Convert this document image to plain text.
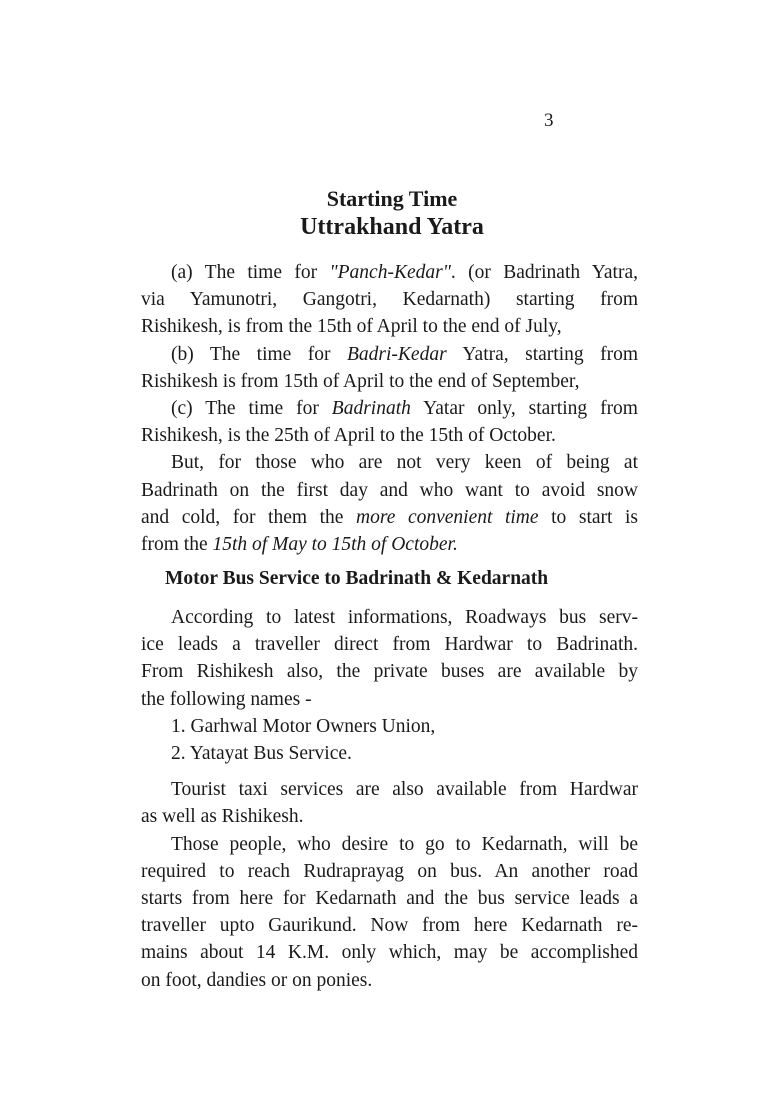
3
Starting Time
Uttrakhand Yatra
(a) The time for "Panch-Kedar". (or Badrinath Yatra,
via Yamunotri, Gangotri, Kedarnath) starting from
Rishikesh, is from the 15th of April to the end of July,
(b) The time for Badri-Kedar Yatra, starting from
Rishikesh is from 15th of April to the end of September,
(c) The time for Badrinath Yatar only, starting from
Rishikesh, is the 25th of April to the 15th of October.
But, for those who are not very keen of being at
Badrinath on the first day and who want to avoid snow
and cold, for them the more convenient time to start is
from the 15th of May to 15th of October.
Motor Bus Service to Badrinath & Kedarnath
According to latest informations, Roadways bus serv-
ice leads a traveller direct from Hardwar to Badrinath.
From Rishikesh also, the private buses are available by
the following names -
1. Garhwal Motor Owners Union,
2. Yatayat Bus Service.
Tourist taxi services are also available from Hardwar
as well as Rishikesh.
Those people, who desire to go to Kedarnath, will be
required to reach Rudraprayag on bus. An another road
starts from here for Kedarnath and the bus service leads a
traveller upto Gaurikund. Now from here Kedarnath re-
mains about 14 K.M. only which, may be accomplished
on foot, dandies or on ponies.
